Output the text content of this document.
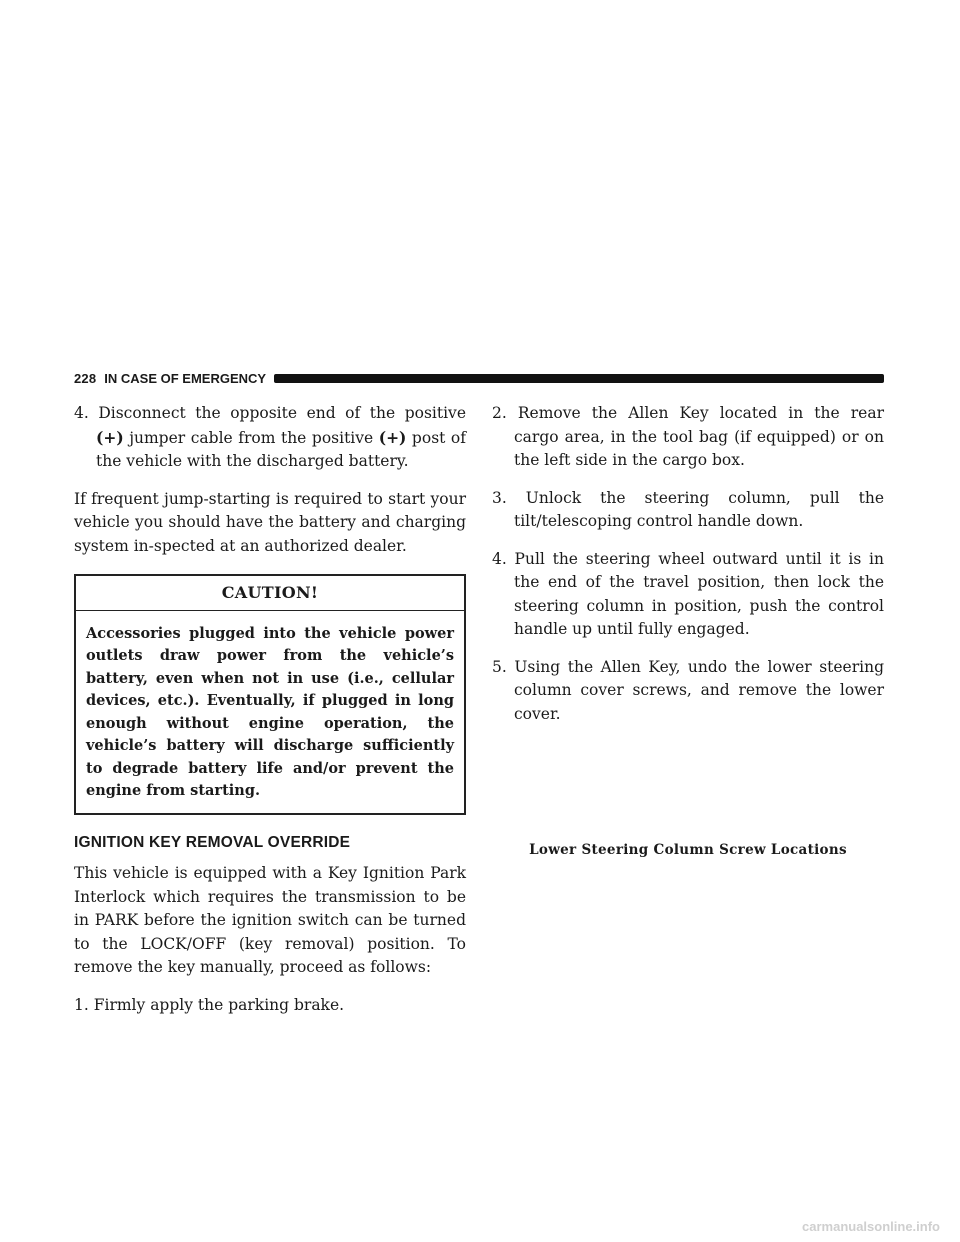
228 IN CASE OF EMERGENCY

4. Disconnect the opposite end of the positive (+) jumper cable from the positive (+) post of the vehicle with the discharged battery.

If frequent jump-starting is required to start your vehicle you should have the battery and charging system in-spected at an authorized dealer.

CAUTION!
Accessories plugged into the vehicle power outlets draw power from the vehicle’s battery, even when not in use (i.e., cellular devices, etc.). Eventually, if plugged in long enough without engine operation, the vehicle’s battery will discharge sufficiently to degrade battery life and/or prevent the engine from starting.
IGNITION KEY REMOVAL OVERRIDE

This vehicle is equipped with a Key Ignition Park Interlock which requires the transmission to be in PARK before the ignition switch can be turned to the LOCK/OFF (key removal) position. To remove the key manually, proceed as follows:

1. Firmly apply the parking brake.

2. Remove the Allen Key located in the rear cargo area, in the tool bag (if equipped) or on the left side in the cargo box.

3. Unlock the steering column, pull the tilt/telescoping control handle down.

4. Pull the steering wheel outward until it is in the end of the travel position, then lock the steering column in position, push the control handle up until fully engaged.

5. Using the Allen Key, undo the lower steering column cover screws, and remove the lower cover.

Lower Steering Column Screw Locations
carmanualsonline.info
